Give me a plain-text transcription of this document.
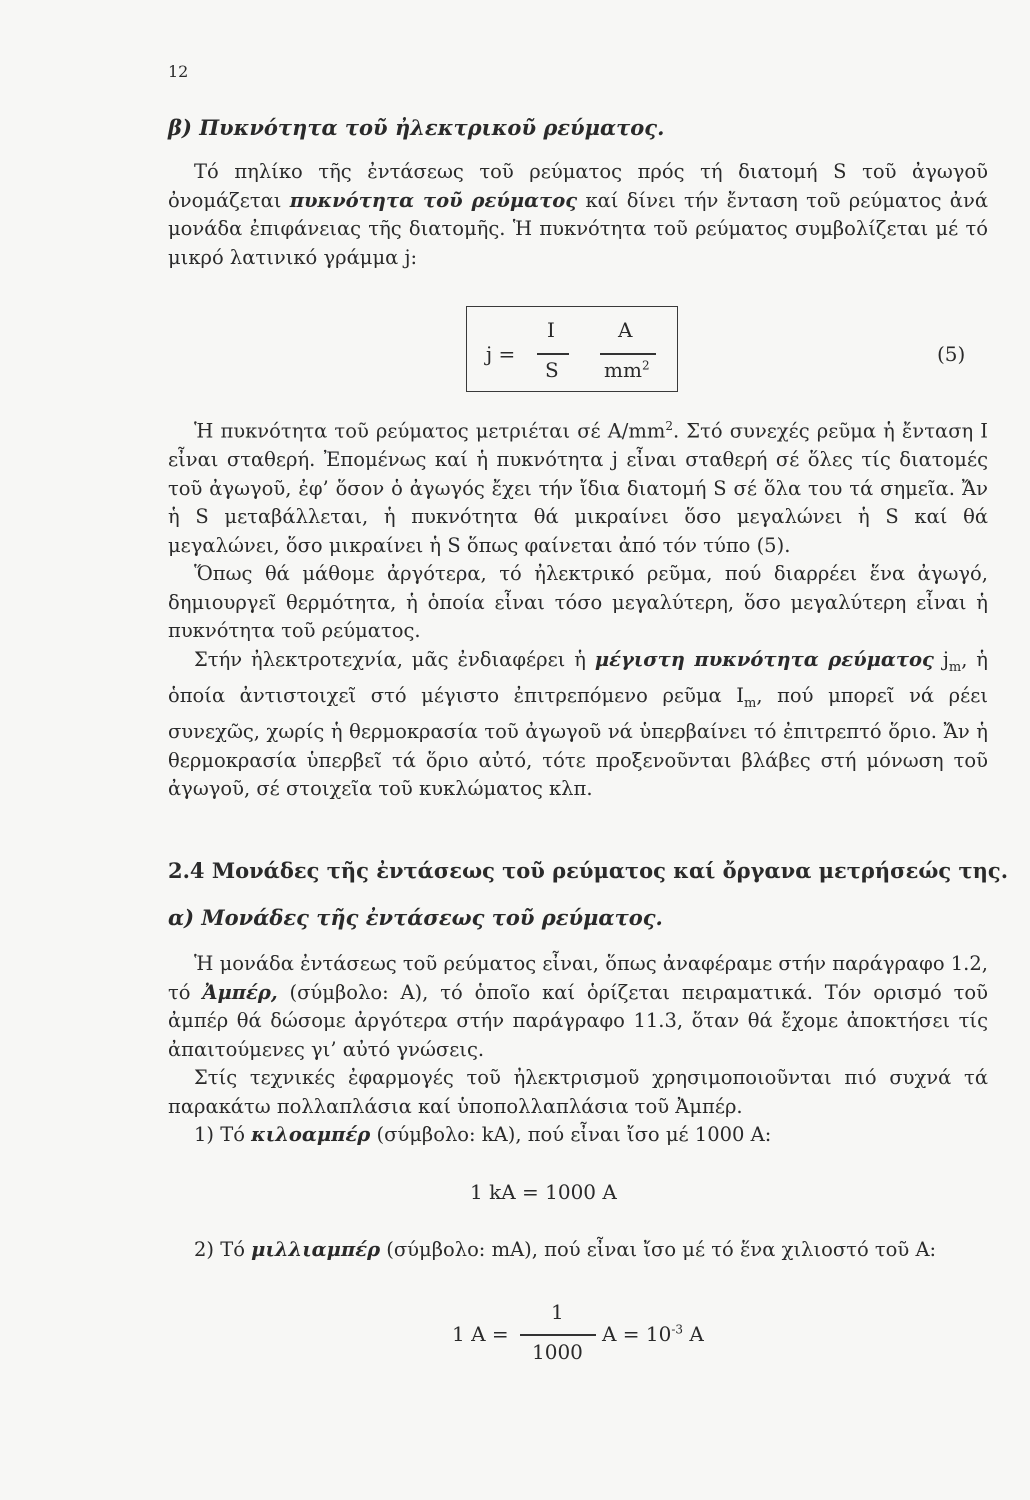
12
β) Πυκνότητα τοῦ ἠλεκτρικοῦ ρεύματος.

Τό πηλίκο τῆς ἐντάσεως τοῦ ρεύματος πρός τή διατομή S τοῦ ἀγωγοῦ ὀνομάζεται πυκνότητα τοῦ ρεύματος καί δίνει τήν ἔνταση τοῦ ρεύματος ἀνά μονάδα ἐπιφάνειας τῆς διατομῆς. Ἡ πυκνότητα τοῦ ρεύματος συμβολίζεται μέ τό μικρό λατινικό γράμμα j:

j =
I
S
A
$mm^2$	(5)

Ἡ πυκνότητα τοῦ ρεύματος μετριέται σέ $A/mm^2$. Στό συνεχές ρεῦμα ἡ ἔνταση I εἶναι σταθερή. Ἐπομένως καί ἡ πυκνότητα j εἶναι σταθερή σέ ὅλες τίς διατομές τοῦ ἀγωγοῦ, ἐφ’ ὅσον ὁ ἀγωγός ἔχει τήν ἴδια διατομή S σέ ὅλα του τά σημεῖα. Ἄν ἡ S μεταβάλλεται, ἡ πυκνότητα θά μικραίνει ὅσο μεγαλώνει ἡ S καί θά μεγαλώνει, ὅσο μικραίνει ἡ S ὅπως φαίνεται ἀπό τόν τύπο (5).

Ὅπως θά μάθομε ἀργότερα, τό ἠλεκτρικό ρεῦμα, πού διαρρέει ἕνα ἀγωγό, δημιουργεῖ θερμότητα, ἡ ὁποία εἶναι τόσο μεγαλύτερη, ὅσο μεγαλύτερη εἶναι ἡ πυκνότητα τοῦ ρεύματος.

Στήν ἠλεκτροτεχνία, μᾶς ἐνδιαφέρει ἡ μέγιστη πυκνότητα ρεύματος $j_m$, ἡ ὁποία ἀντιστοιχεῖ στό μέγιστο ἐπιτρεπόμενο ρεῦμα $I_m$, πού μπορεῖ νά ρέει συνεχῶς, χωρίς ἡ θερμοκρασία τοῦ ἀγωγοῦ νά ὑπερβαίνει τό ἐπιτρεπτό ὅριο. Ἄν ἡ θερμοκρασία ὑπερβεῖ τά ὅριο αὐτό, τότε προξενοῦνται βλάβες στή μόνωση τοῦ ἀγωγοῦ, σέ στοιχεῖα τοῦ κυκλώματος κλπ.

2.4 Μονάδες τῆς ἐντάσεως τοῦ ρεύματος καί ὄργανα μετρήσεώς της.
α) Μονάδες τῆς ἐντάσεως τοῦ ρεύματος.

Ἡ μονάδα ἐντάσεως τοῦ ρεύματος εἶναι, ὅπως ἀναφέραμε στήν παράγραφο 1.2, τό Ἀμπέρ, (σύμβολο: A), τό ὁποῖο καί ὁρίζεται πειραματικά. Τόν ορισμό τοῦ ἀμπέρ θά δώσομε ἀργότερα στήν παράγραφο 11.3, ὅταν θά ἔχομε ἀποκτήσει τίς ἀπαιτούμενες γι’ αὐτό γνώσεις.

Στίς τεχνικές ἐφαρμογές τοῦ ἠλεκτρισμοῦ χρησιμοποιοῦνται πιό συχνά τά παρακάτω πολλαπλάσια καί ὑποπολλαπλάσια τοῦ Ἀμπέρ.

1) Τό κιλοαμπέρ (σύμβολο: kA), πού εἶναι ἴσο μέ 1000 A:

1 kA = 1000 A

2) Τό μιλλιαμπέρ (σύμβολο: mA), πού εἶναι ἴσο μέ τό ἕνα χιλιοστό τοῦ A:

1 A =
1
1000
$A = 10^{-3}$ A
